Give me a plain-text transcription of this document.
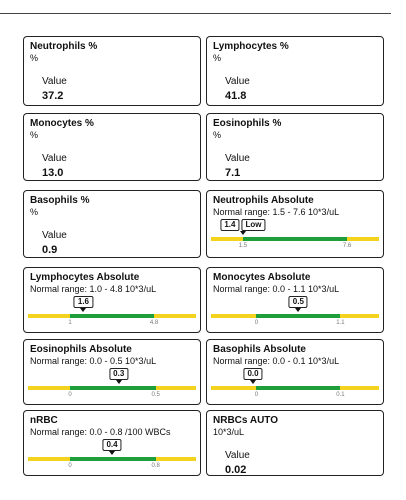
Neutrophils %
%
Value
37.2
Lymphocytes %
%
Value
41.8
Monocytes %
%
Value
13.0
Eosinophils %
%
Value
7.1
Basophils %
%
Value
0.9
Neutrophils Absolute
Normal range: 1.5 - 7.6 10*3/uL
1.4	Low
1.5	7.6
Lymphocytes Absolute
Normal range: 1.0 - 4.8 10*3/uL
1.6
1	4.8
Monocytes Absolute
Normal range: 0.0 - 1.1 10*3/uL
0.5
0	1.1
Eosinophils Absolute
Normal range: 0.0 - 0.5 10*3/uL
0.3
0	0.5
Basophils Absolute
Normal range: 0.0 - 0.1 10*3/uL
0.0
0	0.1
nRBC
Normal range: 0.0 - 0.8 /100 WBCs
0.4
0	0.8
NRBCs AUTO
10*3/uL
Value
0.02
